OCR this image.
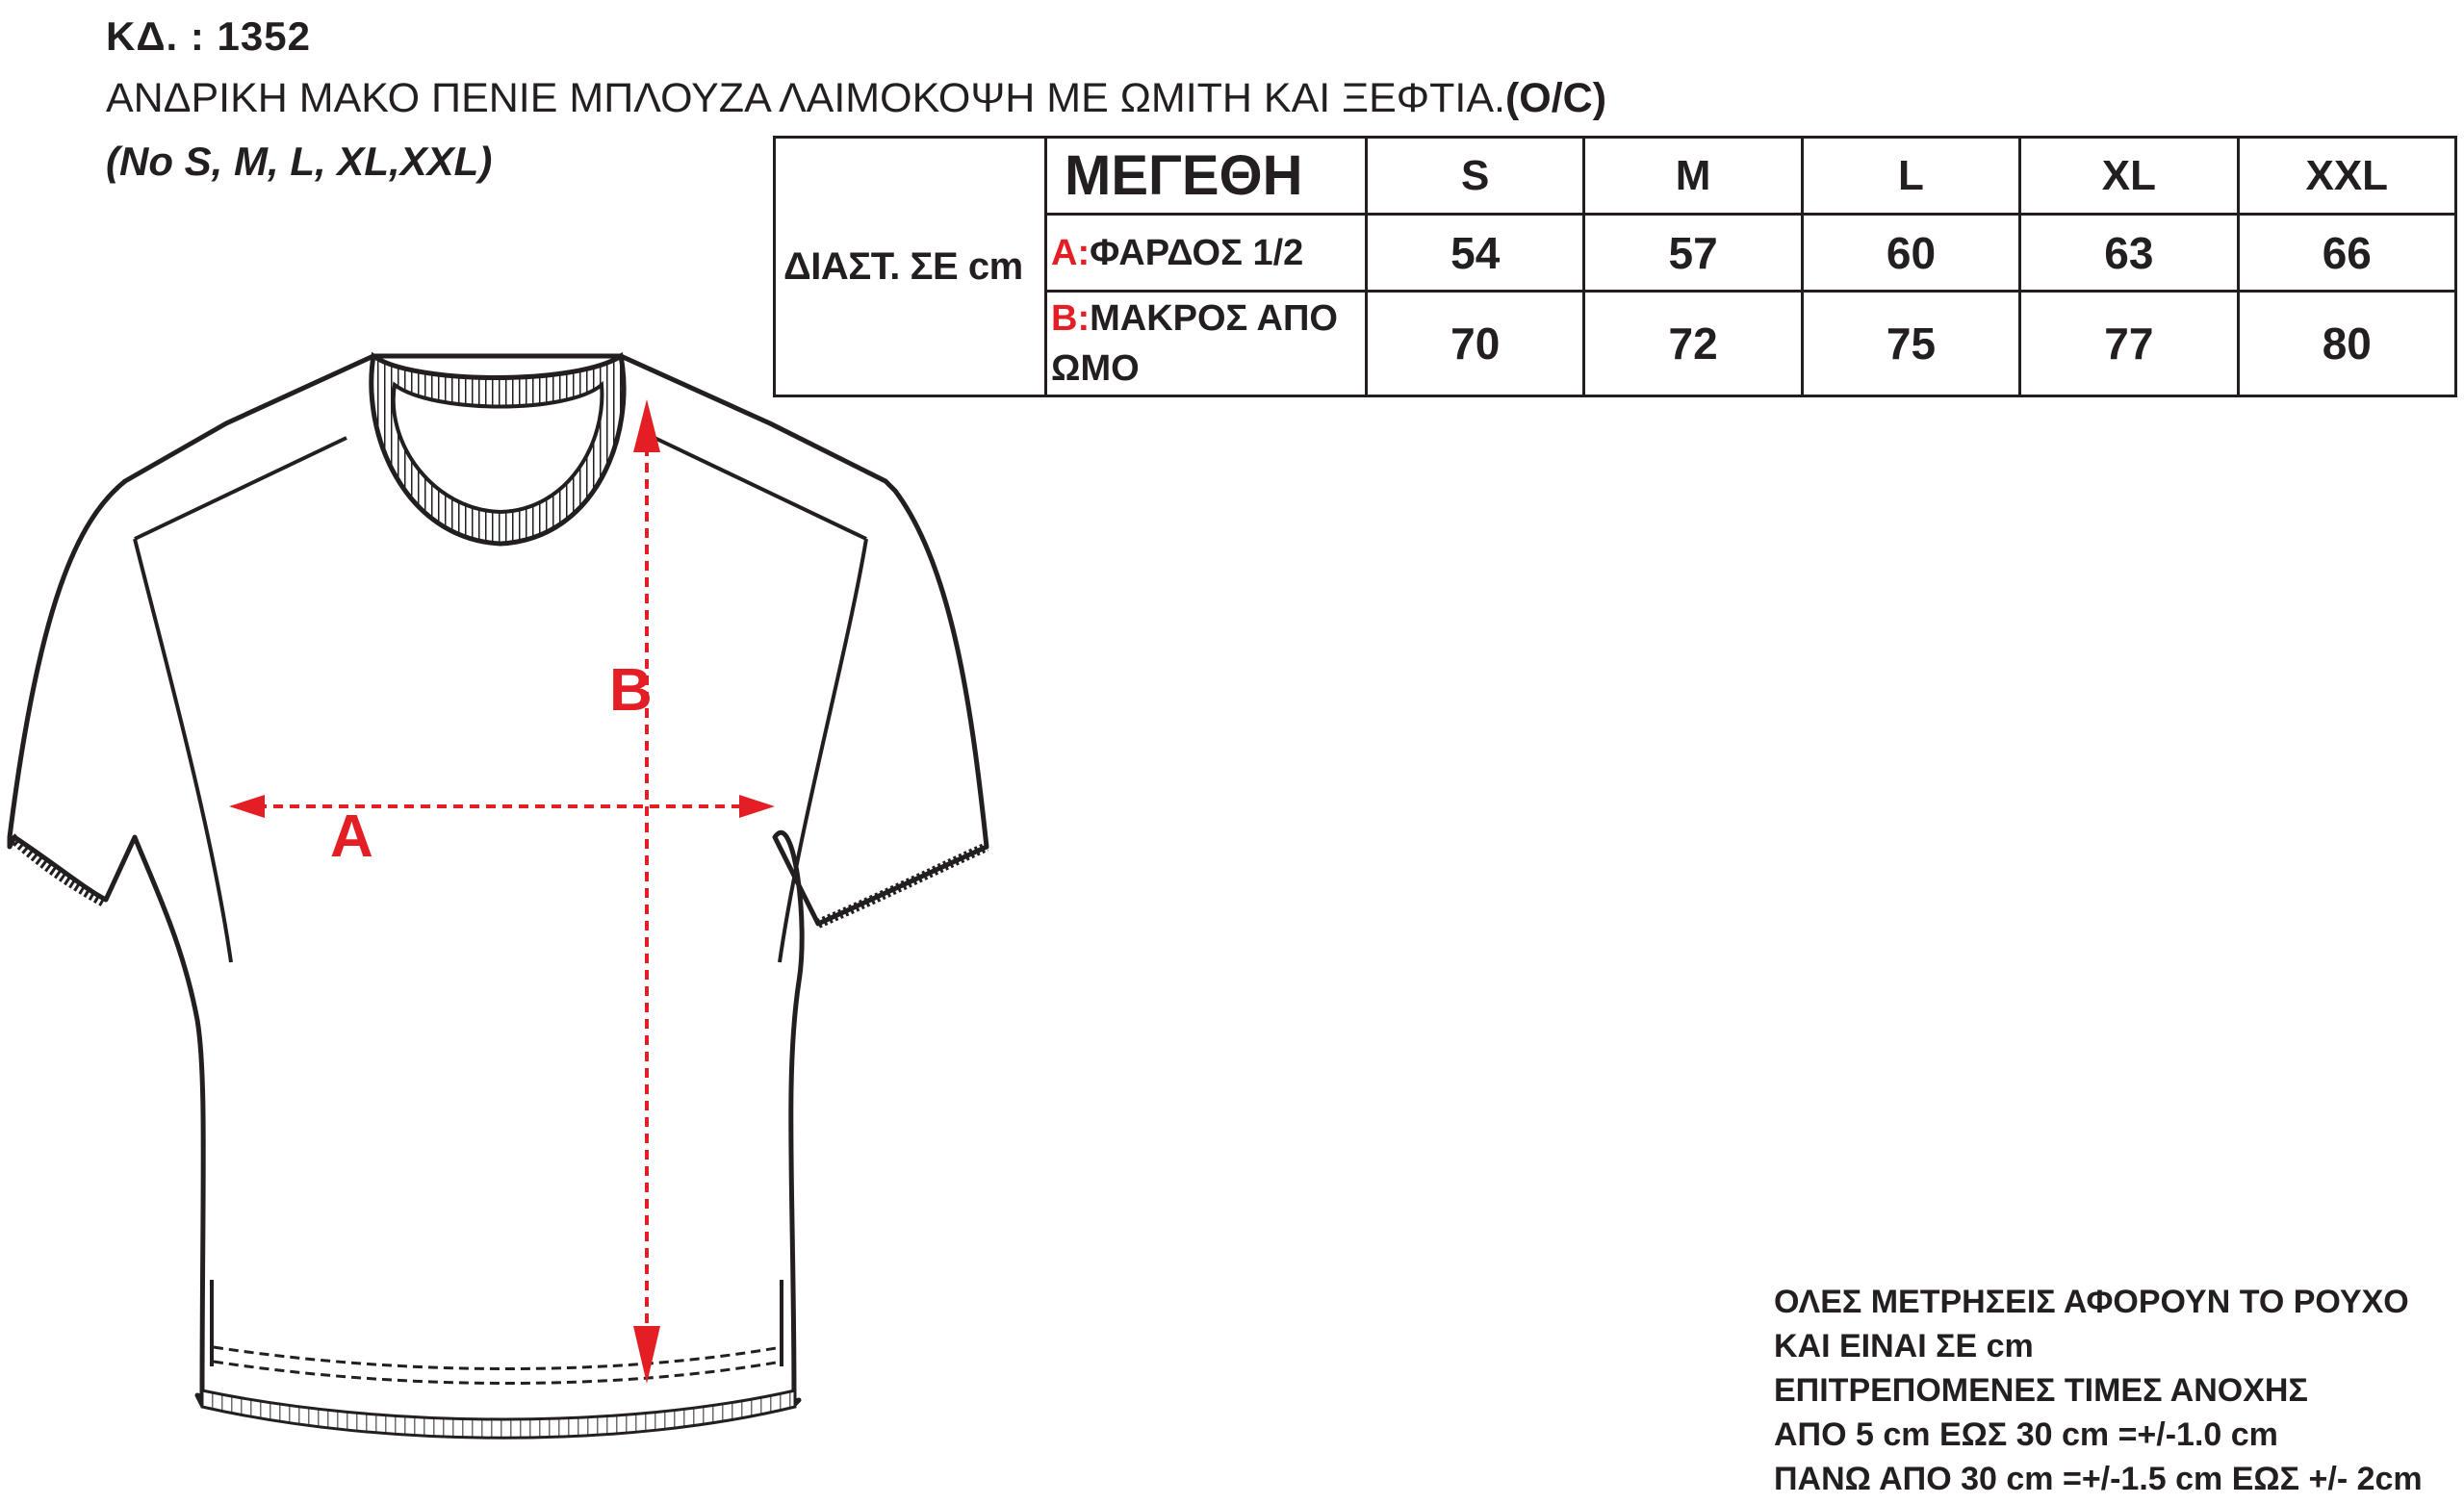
ΚΔ. : 1352
ΑΝΔΡΙΚΗ ΜΑΚΟ ΠΕΝΙΕ ΜΠΛΟΥΖΑ ΛΑΙΜΟΚΟΨΗ ΜΕ ΩΜΙΤΗ ΚΑΙ ΞΕΦΤΙΑ.(O/C)
(No S, M, L, XL,XXL)
ΔΙΑΣΤ. ΣΕ cm	ΜΕΓΕΘΗ	S	M	L	XL	XXL
	A:ΦΑΡΔΟΣ 1/2	54	57	60	63	66
	B:ΜΑΚΡΟΣ ΑΠΟ ΩΜΟ	70	72	75	77	80
A
B
ΟΛΕΣ ΜΕΤΡΗΣΕΙΣ ΑΦΟΡΟΥΝ ΤΟ ΡΟΥΧΟ
ΚΑΙ ΕΙΝΑΙ ΣΕ cm
ΕΠΙΤΡΕΠΟΜΕΝΕΣ ΤΙΜΕΣ ΑΝΟΧΗΣ
ΑΠΟ 5 cm ΕΩΣ 30 cm =+/-1.0 cm
ΠΑΝΩ ΑΠΟ 30 cm =+/-1.5 cm ΕΩΣ +/- 2cm
